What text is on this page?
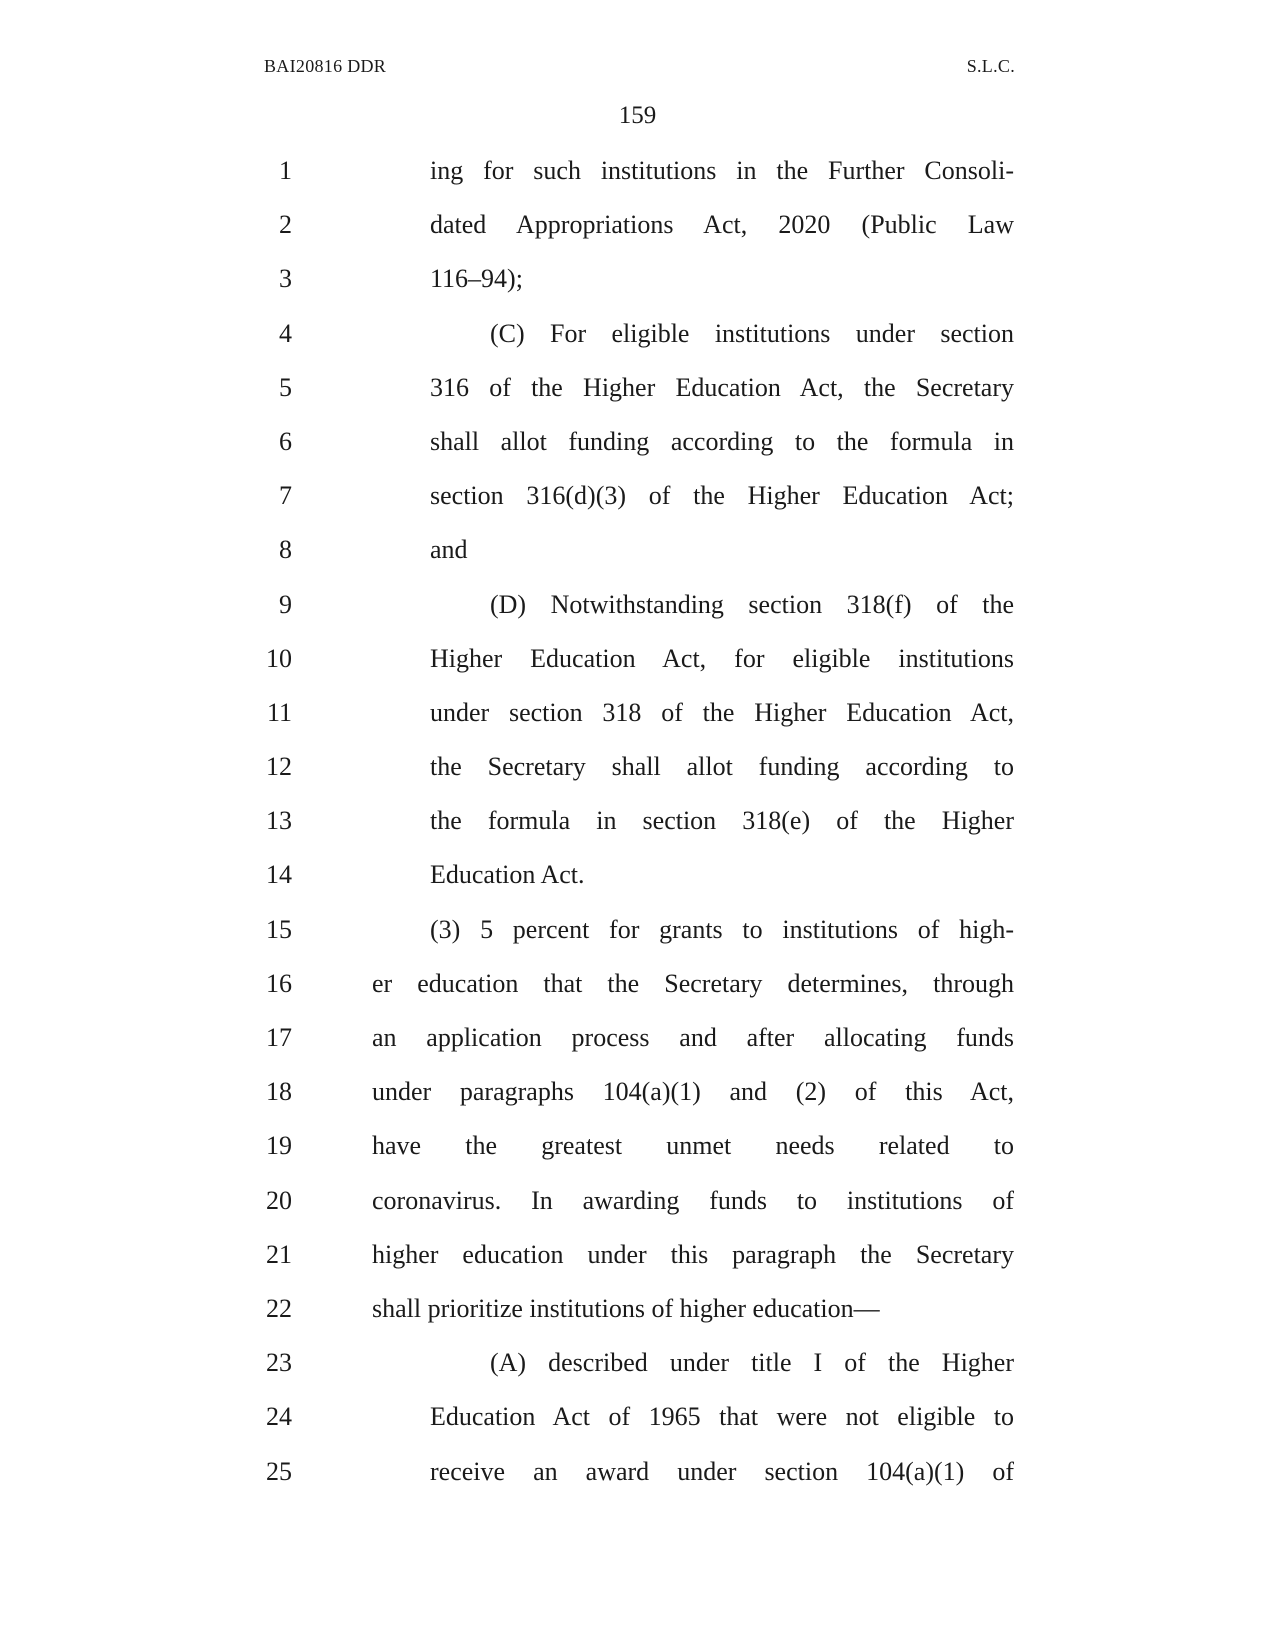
BAI20816 DDR	S.L.C.
159
1	ing for such institutions in the Further Consoli-
2	dated Appropriations Act, 2020 (Public Law
3	116–94);
4	(C) For eligible institutions under section
5	316 of the Higher Education Act, the Secretary
6	shall allot funding according to the formula in
7	section 316(d)(3) of the Higher Education Act;
8	and
9	(D) Notwithstanding section 318(f) of the
10	Higher Education Act, for eligible institutions
11	under section 318 of the Higher Education Act,
12	the Secretary shall allot funding according to
13	the formula in section 318(e) of the Higher
14	Education Act.
15	(3) 5 percent for grants to institutions of high-
16	er education that the Secretary determines, through
17	an application process and after allocating funds
18	under paragraphs 104(a)(1) and (2) of this Act,
19	have the greatest unmet needs related to
20	coronavirus. In awarding funds to institutions of
21	higher education under this paragraph the Secretary
22	shall prioritize institutions of higher education—
23	(A) described under title I of the Higher
24	Education Act of 1965 that were not eligible to
25	receive an award under section 104(a)(1) of
